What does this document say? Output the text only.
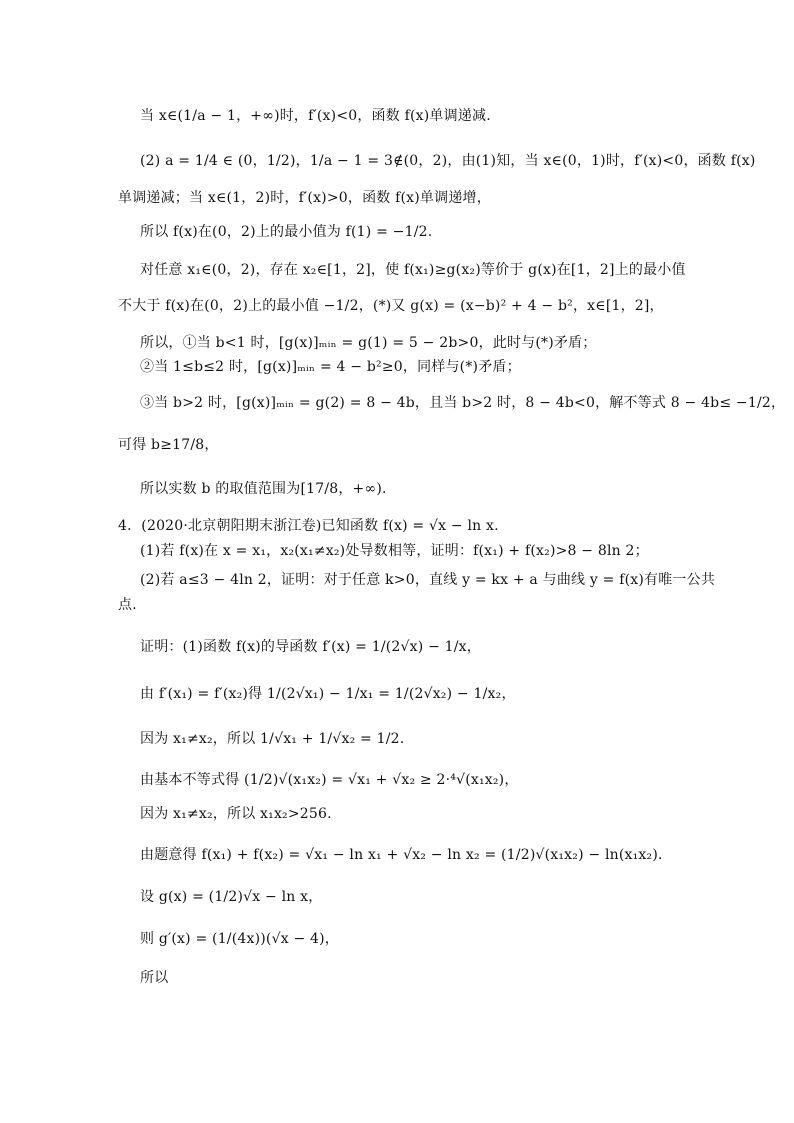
当 x∈(1/a − 1，+∞)时，f′(x)<0，函数 f(x)单调递减.
(2) a = 1/4 ∈ (0，1/2)，1/a − 1 = 3∉(0，2)，由(1)知，当 x∈(0，1)时，f′(x)<0，函数 f(x)
单调递减；当 x∈(1，2)时，f′(x)>0，函数 f(x)单调递增，
所以 f(x)在(0，2)上的最小值为 f(1) = −1/2.
对任意 x₁∈(0，2)，存在 x₂∈[1，2]，使 f(x₁)≥g(x₂)等价于 g(x)在[1，2]上的最小值
不大于 f(x)在(0，2)上的最小值 −1/2，(*)又 g(x) = (x−b)² + 4 − b²，x∈[1，2]，
所以，①当 b<1 时，[g(x)]ₘᵢₙ = g(1) = 5 − 2b>0，此时与(*)矛盾；
②当 1≤b≤2 时，[g(x)]ₘᵢₙ = 4 − b²≥0，同样与(*)矛盾；
③当 b>2 时，[g(x)]ₘᵢₙ = g(2) = 8 − 4b，且当 b>2 时，8 − 4b<0，解不等式 8 − 4b≤ −1/2，
可得 b≥17/8，
所以实数 b 的取值范围为[17/8，+∞).
4．(2020·北京朝阳期末浙江卷)已知函数 f(x) = √x − ln x.
(1)若 f(x)在 x = x₁，x₂(x₁≠x₂)处导数相等，证明：f(x₁) + f(x₂)>8 − 8ln 2；
(2)若 a≤3 − 4ln 2，证明：对于任意 k>0，直线 y = kx + a 与曲线 y = f(x)有唯一公共
点．
证明：(1)函数 f(x)的导函数 f′(x) = 1/(2√x) − 1/x，
由 f′(x₁) = f′(x₂)得 1/(2√x₁) − 1/x₁ = 1/(2√x₂) − 1/x₂，
因为 x₁≠x₂，所以 1/√x₁ + 1/√x₂ = 1/2.
由基本不等式得 (1/2)√(x₁x₂) = √x₁ + √x₂ ≥ 2·⁴√(x₁x₂)，
因为 x₁≠x₂，所以 x₁x₂>256.
由题意得 f(x₁) + f(x₂) = √x₁ − ln x₁ + √x₂ − ln x₂ = (1/2)√(x₁x₂) − ln(x₁x₂)．
设 g(x) = (1/2)√x − ln x，
则 g′(x) = (1/(4x))(√x − 4)，
所以
